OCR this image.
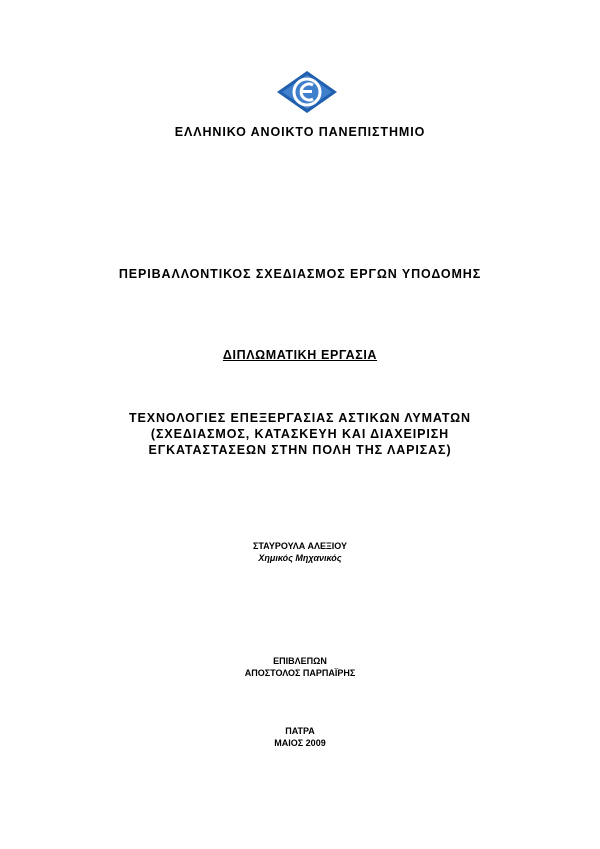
ΕΛΛΗΝΙΚΟ ΑΝΟΙΚΤΟ ΠΑΝΕΠΙΣΤΗΜΙΟ
ΠΕΡΙΒΑΛΛΟΝΤΙΚΟΣ ΣΧΕΔΙΑΣΜΟΣ ΕΡΓΩΝ ΥΠΟΔΟΜΗΣ
ΔΙΠΛΩΜΑΤΙΚΗ ΕΡΓΑΣΙΑ
ΤΕΧΝΟΛΟΓΙΕΣ ΕΠΕΞΕΡΓΑΣΙΑΣ ΑΣΤΙΚΩΝ ΛΥΜΑΤΩΝ
(ΣΧΕΔΙΑΣΜΟΣ, ΚΑΤΑΣΚΕΥΗ ΚΑΙ ΔΙΑΧΕΙΡΙΣΗ
ΕΓΚΑΤΑΣΤΑΣΕΩΝ ΣΤΗΝ ΠΟΛΗ ΤΗΣ ΛΑΡΙΣΑΣ)
ΣΤΑΥΡΟΥΛΑ ΑΛΕΞΙΟΥ
Χημικός Μηχανικός
ΕΠΙΒΛΕΠΩΝ
ΑΠΟΣΤΟΛΟΣ ΠΑΡΠΑΪΡΗΣ
ΠΑΤΡΑ
ΜΑΙΟΣ 2009
